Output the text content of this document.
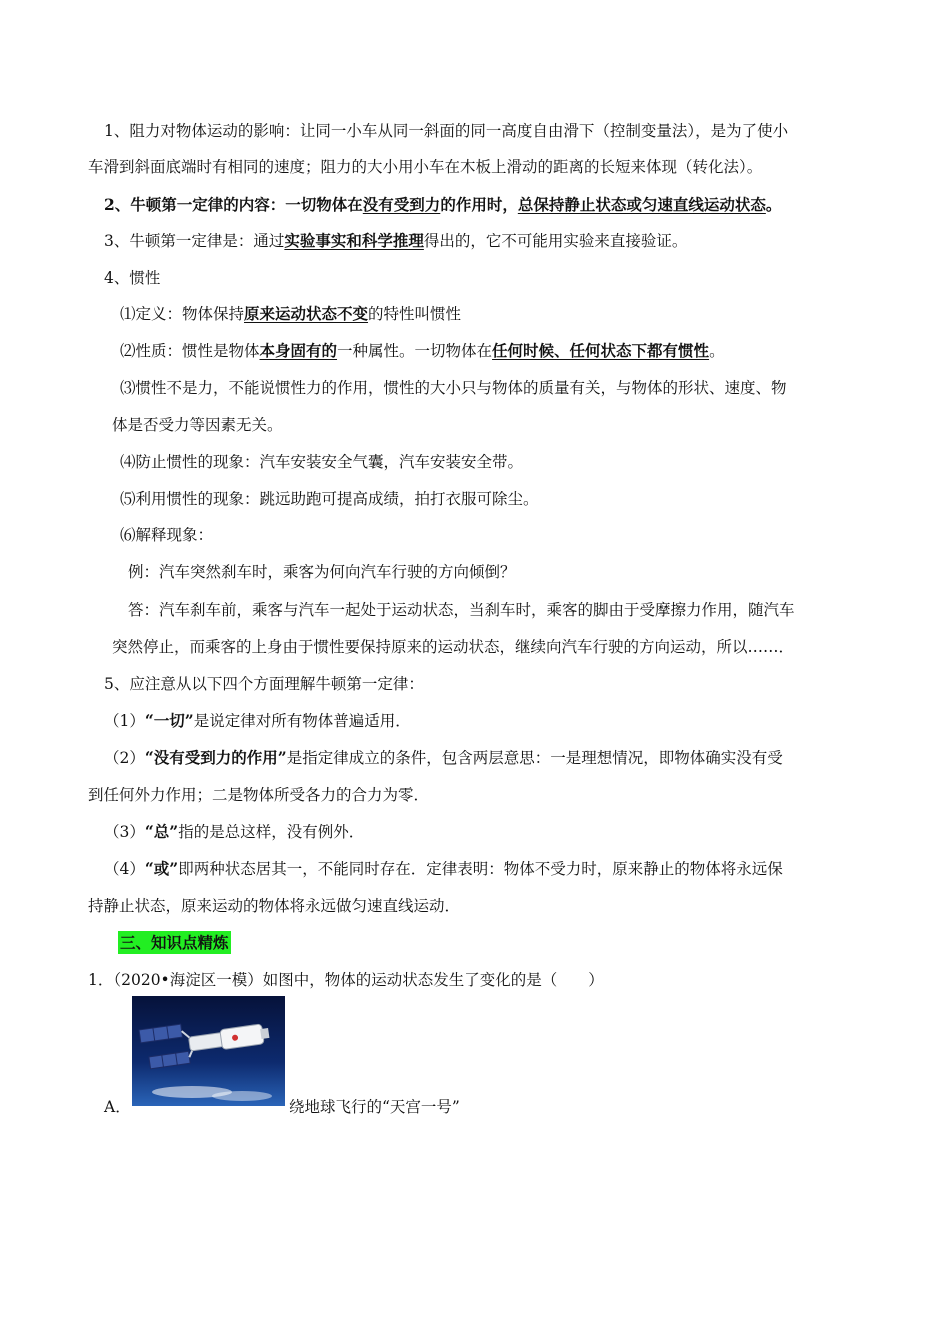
1、阻力对物体运动的影响：让同一小车从同一斜面的同一高度自由滑下（控制变量法），是为了使小
车滑到斜面底端时有相同的速度；阻力的大小用小车在木板上滑动的距离的长短来体现（转化法）。
2、牛顿第一定律的内容：一切物体在没有受到力的作用时，总保持静止状态或匀速直线运动状态。
3、牛顿第一定律是：通过实验事实和科学推理得出的，它不可能用实验来直接验证。
4、惯性
⑴定义：物体保持原来运动状态不变的特性叫惯性
⑵性质：惯性是物体本身固有的一种属性。一切物体在任何时候、任何状态下都有惯性。
⑶惯性不是力，不能说惯性力的作用，惯性的大小只与物体的质量有关，与物体的形状、速度、物
体是否受力等因素无关。
⑷防止惯性的现象：汽车安装安全气囊，汽车安装安全带。
⑸利用惯性的现象：跳远助跑可提高成绩，拍打衣服可除尘。
⑹解释现象：
例：汽车突然刹车时，乘客为何向汽车行驶的方向倾倒？
答：汽车刹车前，乘客与汽车一起处于运动状态，当刹车时，乘客的脚由于受摩擦力作用，随汽车
突然停止，而乘客的上身由于惯性要保持原来的运动状态，继续向汽车行驶的方向运动，所以……．
5、应注意从以下四个方面理解牛顿第一定律：
（1）“一切”是说定律对所有物体普遍适用．
（2）“没有受到力的作用”是指定律成立的条件，包含两层意思：一是理想情况，即物体确实没有受
到任何外力作用；二是物体所受各力的合力为零．
（3）“总”指的是总这样，没有例外．
（4）“或”即两种状态居其一，不能同时存在．定律表明：物体不受力时，原来静止的物体将永远保
持静止状态，原来运动的物体将永远做匀速直线运动．
三、知识点精炼
1．（2020•海淀区一模）如图中，物体的运动状态发生了变化的是（　　）
A．	绕地球飞行的“天宫一号”
